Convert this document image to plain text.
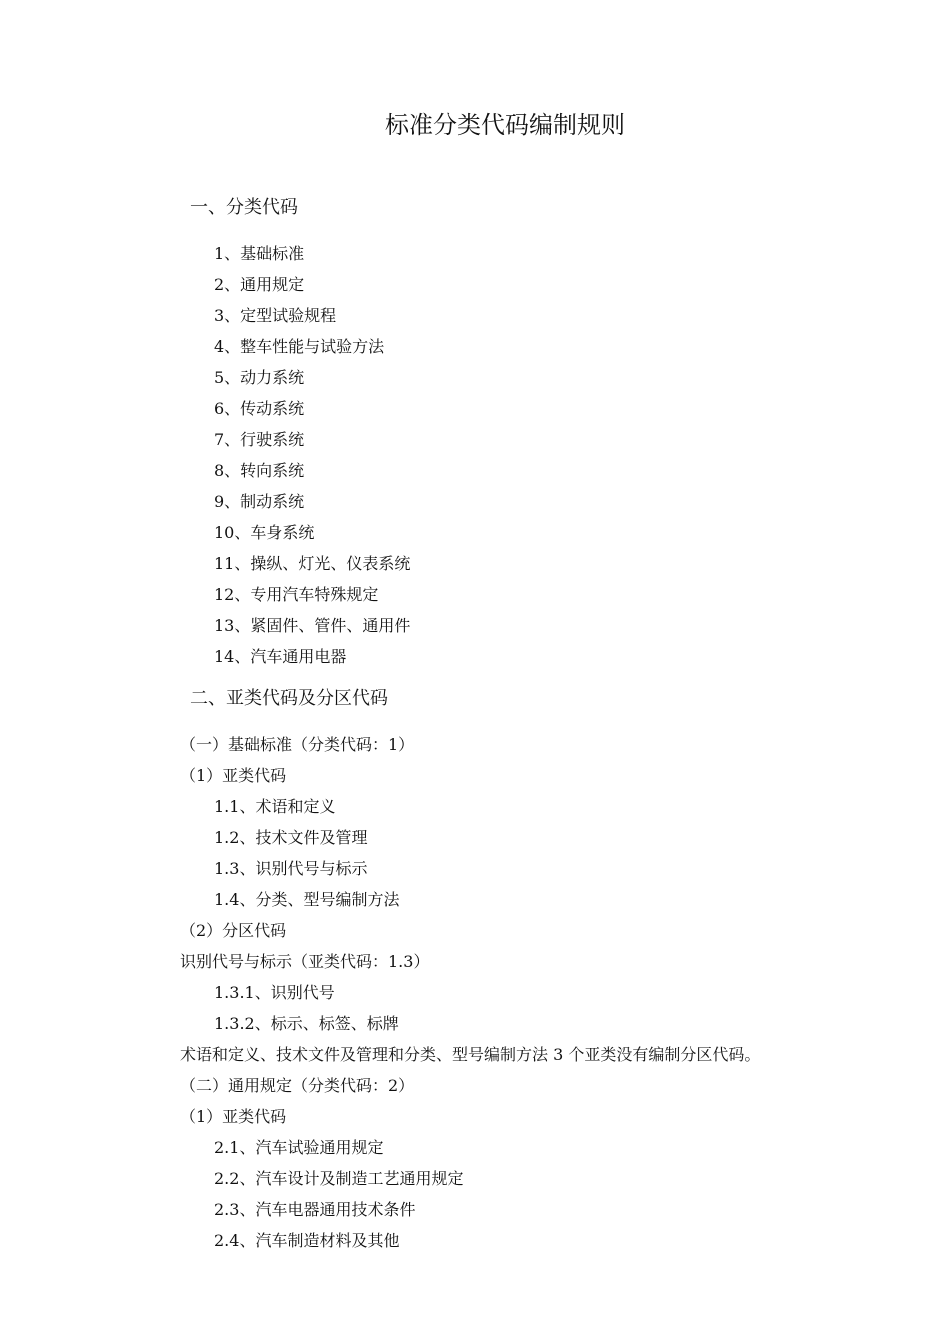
标准分类代码编制规则
一、分类代码
1、基础标准
2、通用规定
3、定型试验规程
4、整车性能与试验方法
5、动力系统
6、传动系统
7、行驶系统
8、转向系统
9、制动系统
10、车身系统
11、操纵、灯光、仪表系统
12、专用汽车特殊规定
13、紧固件、管件、通用件
14、汽车通用电器
二、亚类代码及分区代码
（一）基础标准（分类代码：1）
（1）亚类代码
1.1、术语和定义
1.2、技术文件及管理
1.3、识别代号与标示
1.4、分类、型号编制方法
（2）分区代码
识别代号与标示（亚类代码：1.3）
1.3.1、识别代号
1.3.2、标示、标签、标牌
术语和定义、技术文件及管理和分类、型号编制方法 3 个亚类没有编制分区代码。
（二）通用规定（分类代码：2）
（1）亚类代码
2.1、汽车试验通用规定
2.2、汽车设计及制造工艺通用规定
2.3、汽车电器通用技术条件
2.4、汽车制造材料及其他
